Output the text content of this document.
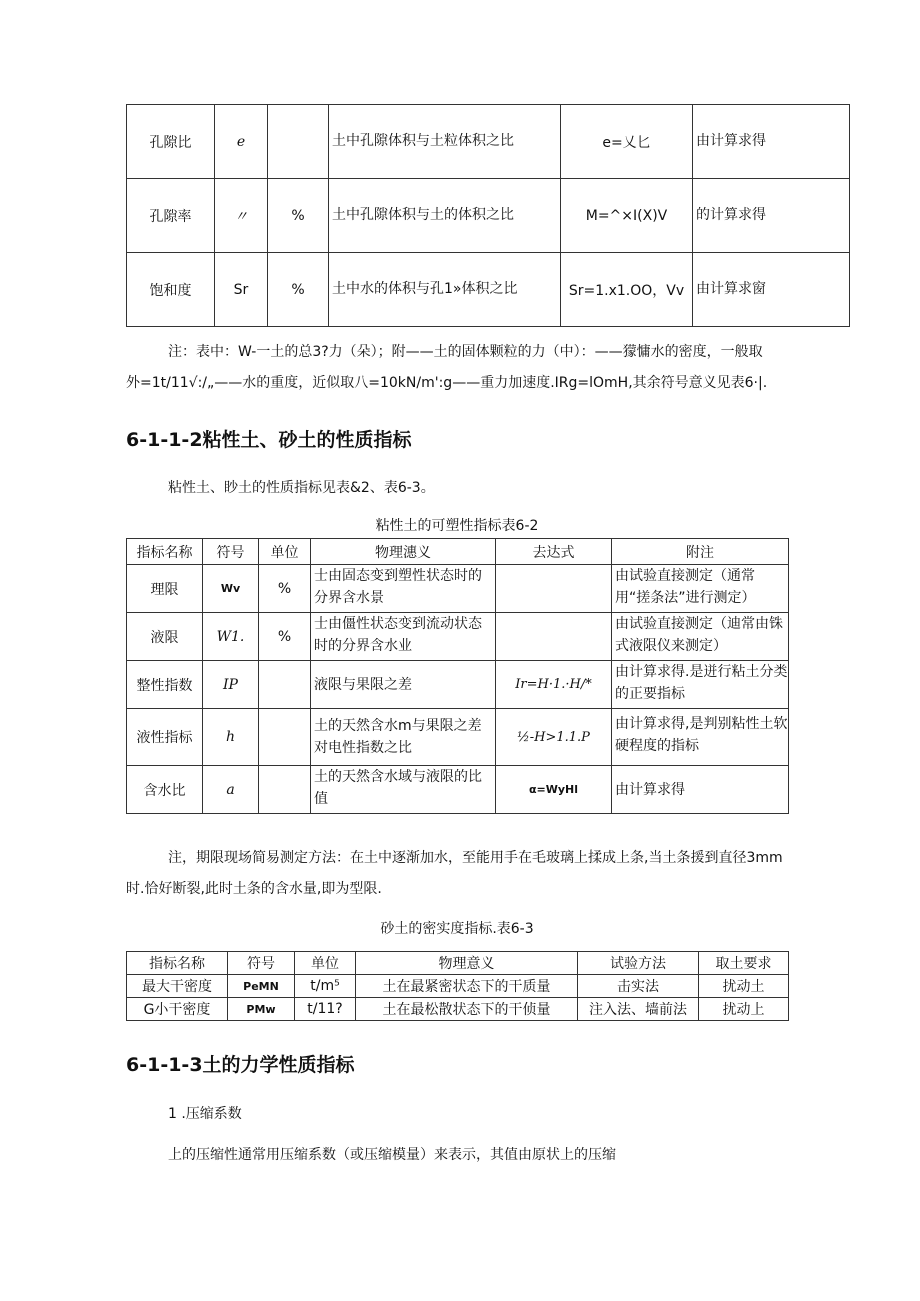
孔隙比	e		土中孔隙体积与土粒体积之比	e=乂匕	由计算求得
孔隙率	〃	%	土中孔隙体积与土的体积之比	M=^×I(X)V	的计算求得
饱和度	Sr	%	土中水的体积与孔1»体积之比	Sr=1.x1.OO，Vv	由计算求窗
注：表中：W-一土的总3?力（朵）；附——土的固体颗粒的力（中）：——獴慵水的密度，一般取
外=1t/11√:/„——水的重度，近似取八=10kN/m':g——重力加速度.IRg=lOmH,其余符号意义见表6·|.
6-1-1-2粘性土、砂土的性质指标
粘性土、眇土的性质指标见表&2、表6-3。
粘性土的可塑性指标表6-2
指标名称	符号	单位	物理潓义	去达式	附注
理限	Wv	%	士由固态变到塑性状态时的分界含水景		由试验直接测定（通常用“搓条法”进行测定）

液限	W1.	%	士由僵性状态变到流动状态时的分界含水业		由试验直接测定（迪常由铢式液限仪来测定）

整性指数	IP		液限与果限之差	Ir=H·1.·H/*	由计算求得.是迸行粘土分类的正要指标

液性指标	h		土的天然含水m与果限之差对电性指数之比	½-H>1.1.P	由计算求得,是判别粘性土软硬程度的指标
含水比	a		土的天然含水域与液限的比值	α=WyHl	由计算求得
注，期限现场简易测定方法：在土中逐渐加水，至能用手在毛玻璃上揉成上条,当土条援到直径3mm
时.恰好断裂,此时土条的含水量,即为型限.
砂土的密实度指标.表6-3
指标名称	符号	单位	物理意义	试验方法	取土要求
最大干密度	PeMN	t/m⁵	土在最紧密状态下的干质量	击实法	扰动土
G小干密度	PMw	t/11?	土在最松散状态下的干侦量	注入法、墙前法	扰动上
6-1-1-3土的力学性质指标
1 .压缩系数
上的压缩性通常用压缩系数（或压缩模量）来表示，其值由原状上的压缩
